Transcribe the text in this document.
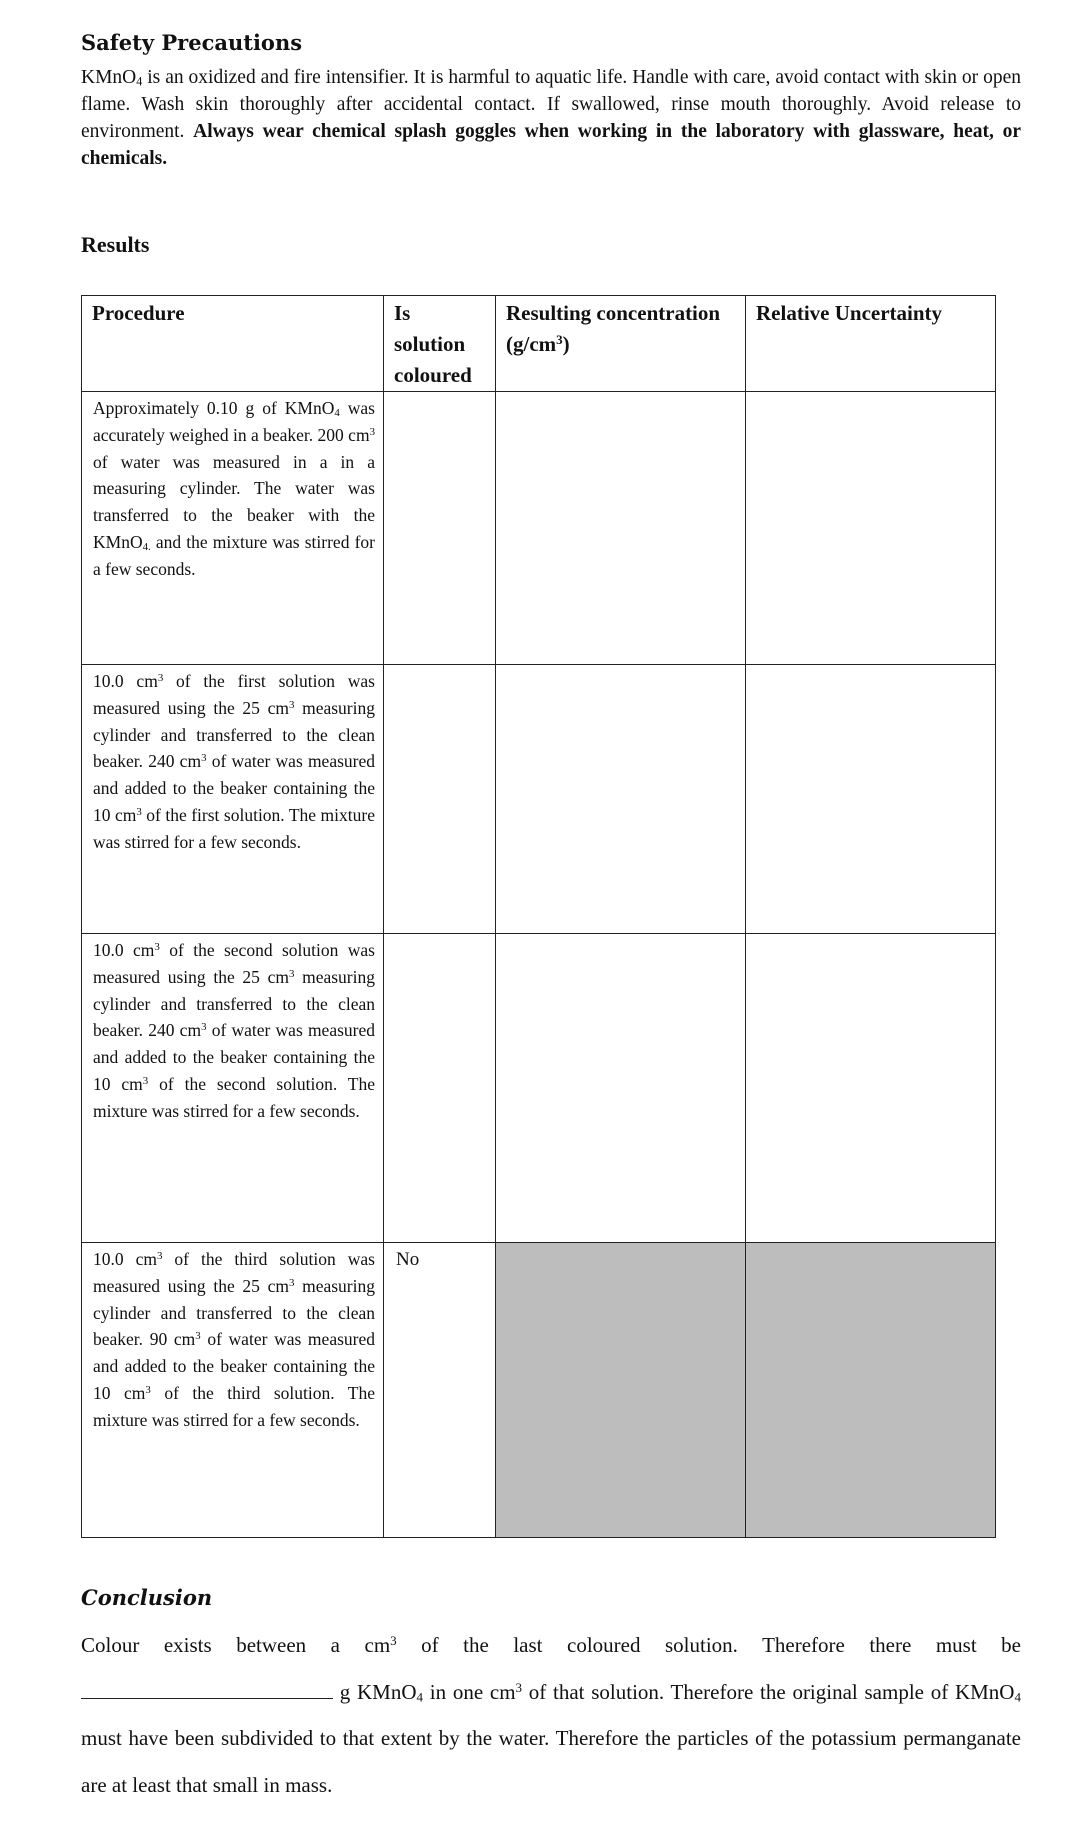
Safety Precautions

KMnO$_4$ is an oxidized and fire intensifier. It is harmful to aquatic life. Handle with care, avoid contact with skin or open flame. Wash skin thoroughly after accidental contact. If swallowed, rinse mouth thoroughly. Avoid release to environment. Always wear chemical splash goggles when working in the laboratory with glassware, heat, or chemicals.

Results
Procedure	Is solution coloured	Resulting concentration $(g/cm^3)$	Relative Uncertainty

Approximately 0.10 g of KMnO$_4$ was accurately weighed in a beaker. 200 $cm^3$ of water was measured in a in a measuring cylinder. The water was transferred to the beaker with the KMnO$_{4.}$ and the mixture was stirred for a few seconds.			

10.0 $cm^3$ of the first solution was measured using the 25 $cm^3$ measuring cylinder and transferred to the clean beaker. 240 $cm^3$ of water was measured and added to the beaker containing the 10 $cm^3$ of the first solution. The mixture was stirred for a few seconds.			

10.0 $cm^3$ of the second solution was measured using the 25 $cm^3$ measuring cylinder and transferred to the clean beaker. 240 $cm^3$ of water was measured and added to the beaker containing the 10 $cm^3$ of the second solution. The mixture was stirred for a few seconds.			

10.0 $cm^3$ of the third solution was measured using the 25 $cm^3$ measuring cylinder and transferred to the clean beaker. 90 $cm^3$ of water was measured and added to the beaker containing the 10 $cm^3$ of the third solution. The mixture was stirred for a few seconds.	No		

Conclusion

Colour exists between a $cm^3$ of the last coloured solution. Therefore there must be  g KMnO$_4$ in one $cm^3$ of that solution. Therefore the original sample of KMnO$_4$ must have been subdivided to that extent by the water. Therefore the particles of the potassium permanganate are at least that small in mass.
